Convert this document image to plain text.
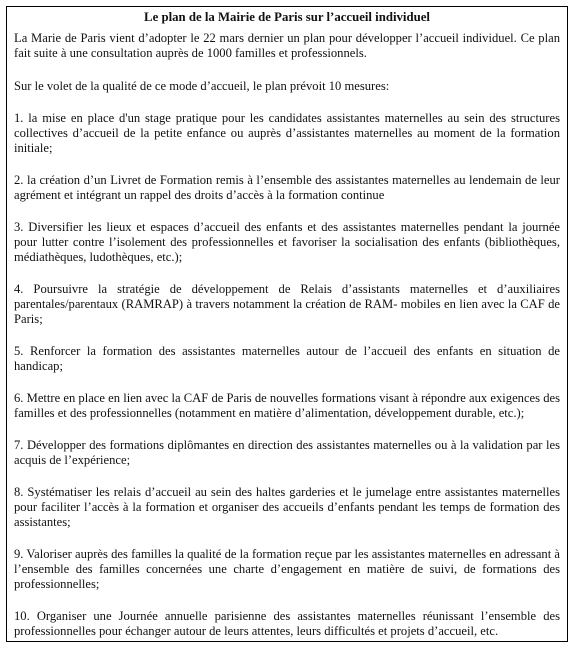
Le plan de la Mairie de Paris sur l’accueil individuel
La Marie de Paris vient d’adopter le 22 mars dernier un plan pour développer l’accueil individuel. Ce plan fait suite à une consultation auprès de 1000 familles et professionnels.
Sur le volet de la qualité de ce mode d’accueil, le plan prévoit 10 mesures:
1. la mise en place d'un stage pratique pour les candidates assistantes maternelles au sein des structures collectives d’accueil de la petite enfance ou auprès d’assistantes maternelles au moment de la formation initiale;
2. la création d’un Livret de Formation remis à l’ensemble des assistantes maternelles au lendemain de leur agrément et intégrant un rappel des droits d’accès à la formation continue
3. Diversifier les lieux et espaces d’accueil des enfants et des assistantes maternelles pendant la journée pour lutter contre l’isolement des professionnelles et favoriser la socialisation des enfants (bibliothèques, médiathèques, ludothèques, etc.);
4. Poursuivre la stratégie de développement de Relais d’assistants maternelles et d’auxiliaires parentales/parentaux (RAMRAP) à travers notamment la création de RAM- mobiles en lien avec la CAF de Paris;
5. Renforcer la formation des assistantes maternelles autour de l’accueil des enfants en situation de handicap;
6. Mettre en place en lien avec la CAF de Paris de nouvelles formations visant à répondre aux exigences des familles et des professionnelles (notamment en matière d’alimentation, développement durable, etc.);
7. Développer des formations diplômantes en direction des assistantes maternelles ou à la validation par les acquis de l’expérience;
8. Systématiser les relais d’accueil au sein des haltes garderies et le jumelage entre assistantes maternelles pour faciliter l’accès à la formation et organiser des accueils d’enfants pendant les temps de formation des assistantes;
9. Valoriser auprès des familles la qualité de la formation reçue par les assistantes maternelles en adressant à l’ensemble des familles concernées une charte d’engagement en matière de suivi, de formations des professionnelles;
10. Organiser une Journée annuelle parisienne des assistantes maternelles réunissant l’ensemble des professionnelles pour échanger autour de leurs attentes, leurs difficultés et projets d’accueil, etc.
